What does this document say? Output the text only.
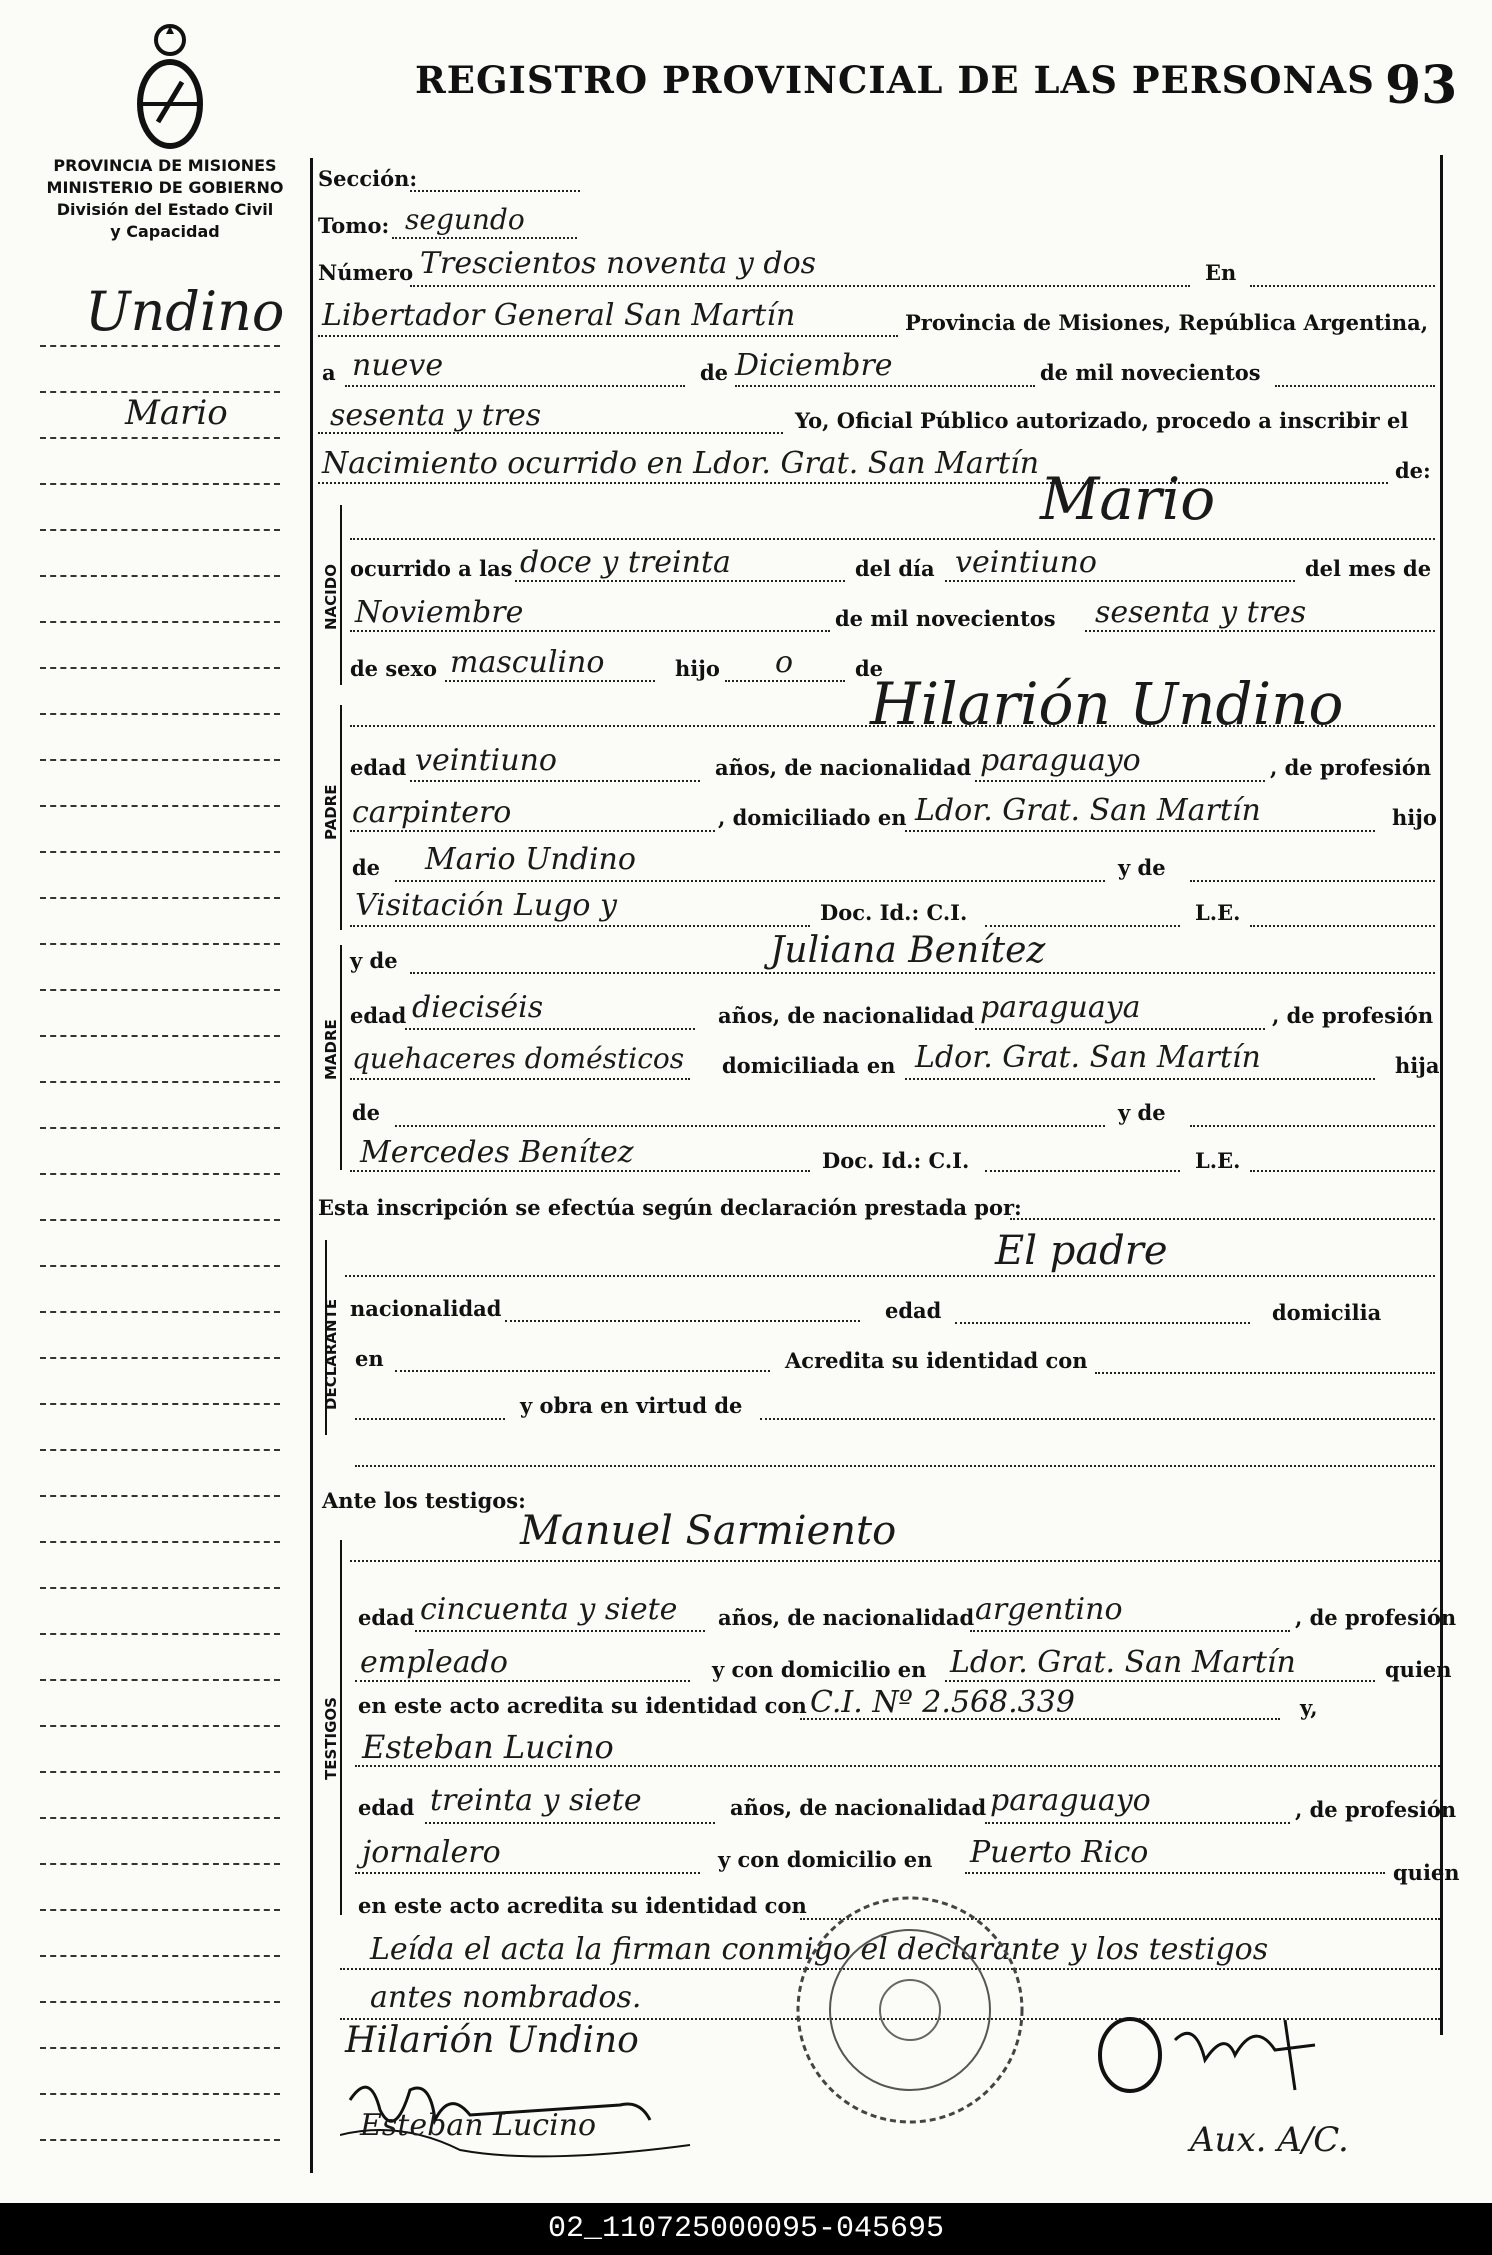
REGISTRO PROVINCIAL DE LAS PERSONAS 93
PROVINCIA DE MISIONES
MINISTERIO DE GOBIERNO
División del Estado Civil
y Capacidad
Undino
Mario
NACIDO
PADRE
MADRE
DECLARANTE
TESTIGOS
Sección:
Tomo: segundo
Número Trescientos noventa y dos	En
Libertador General San Martín	Provincia de Misiones, República Argentina,
a nueve	de Diciembre	de mil novecientos
sesenta y tres	Yo, Oficial Público autorizado, procedo a inscribir el
Nacimiento ocurrido en Ldor. Grat. San Martín	de:
Mario
ocurrido a las doce y treinta	del día veintiuno	del mes de
Noviembre	de mil novecientos sesenta y tres
de sexo masculino	hijo o	de
Hilarión Undino
edad veintiuno	años, de nacionalidad paraguayo	, de profesión
carpintero	, domiciliado en Ldor. Grat. San Martín	hijo
de Mario Undino	y de
Visitación Lugo y	Doc. Id.: C.I.	L.E.
y de	Juliana Benítez
edad dieciséis	años, de nacionalidad paraguaya	, de profesión
quehaceres domésticos domiciliada en Ldor. Grat. San Martín	hija
de	y de
Mercedes Benítez	Doc. Id.: C.I.	L.E.
Esta inscripción se efectúa según declaración prestada por:
El padre
nacionalidad	edad	domicilia
en	Acredita su identidad con
y obra en virtud de
Ante los testigos:
Manuel Sarmiento
edad cincuenta y siete años, de nacionalidad argentino	, de profesión
empleado	y con domicilio en Ldor. Grat. San Martín	quien
en este acto acredita su identidad con C.I. Nº 2.568.339	y,
Esteban Lucino
edad treinta y siete	años, de nacionalidad paraguayo	, de profesión
jornalero	y con domicilio en Puerto Rico
quien
en este acto acredita su identidad con
Leída el acta la firman conmigo el declarante y los testigos
antes nombrados.
Hilarión Undino
Esteban Lucino	Aux. A/C.
02_110725000095-045695
